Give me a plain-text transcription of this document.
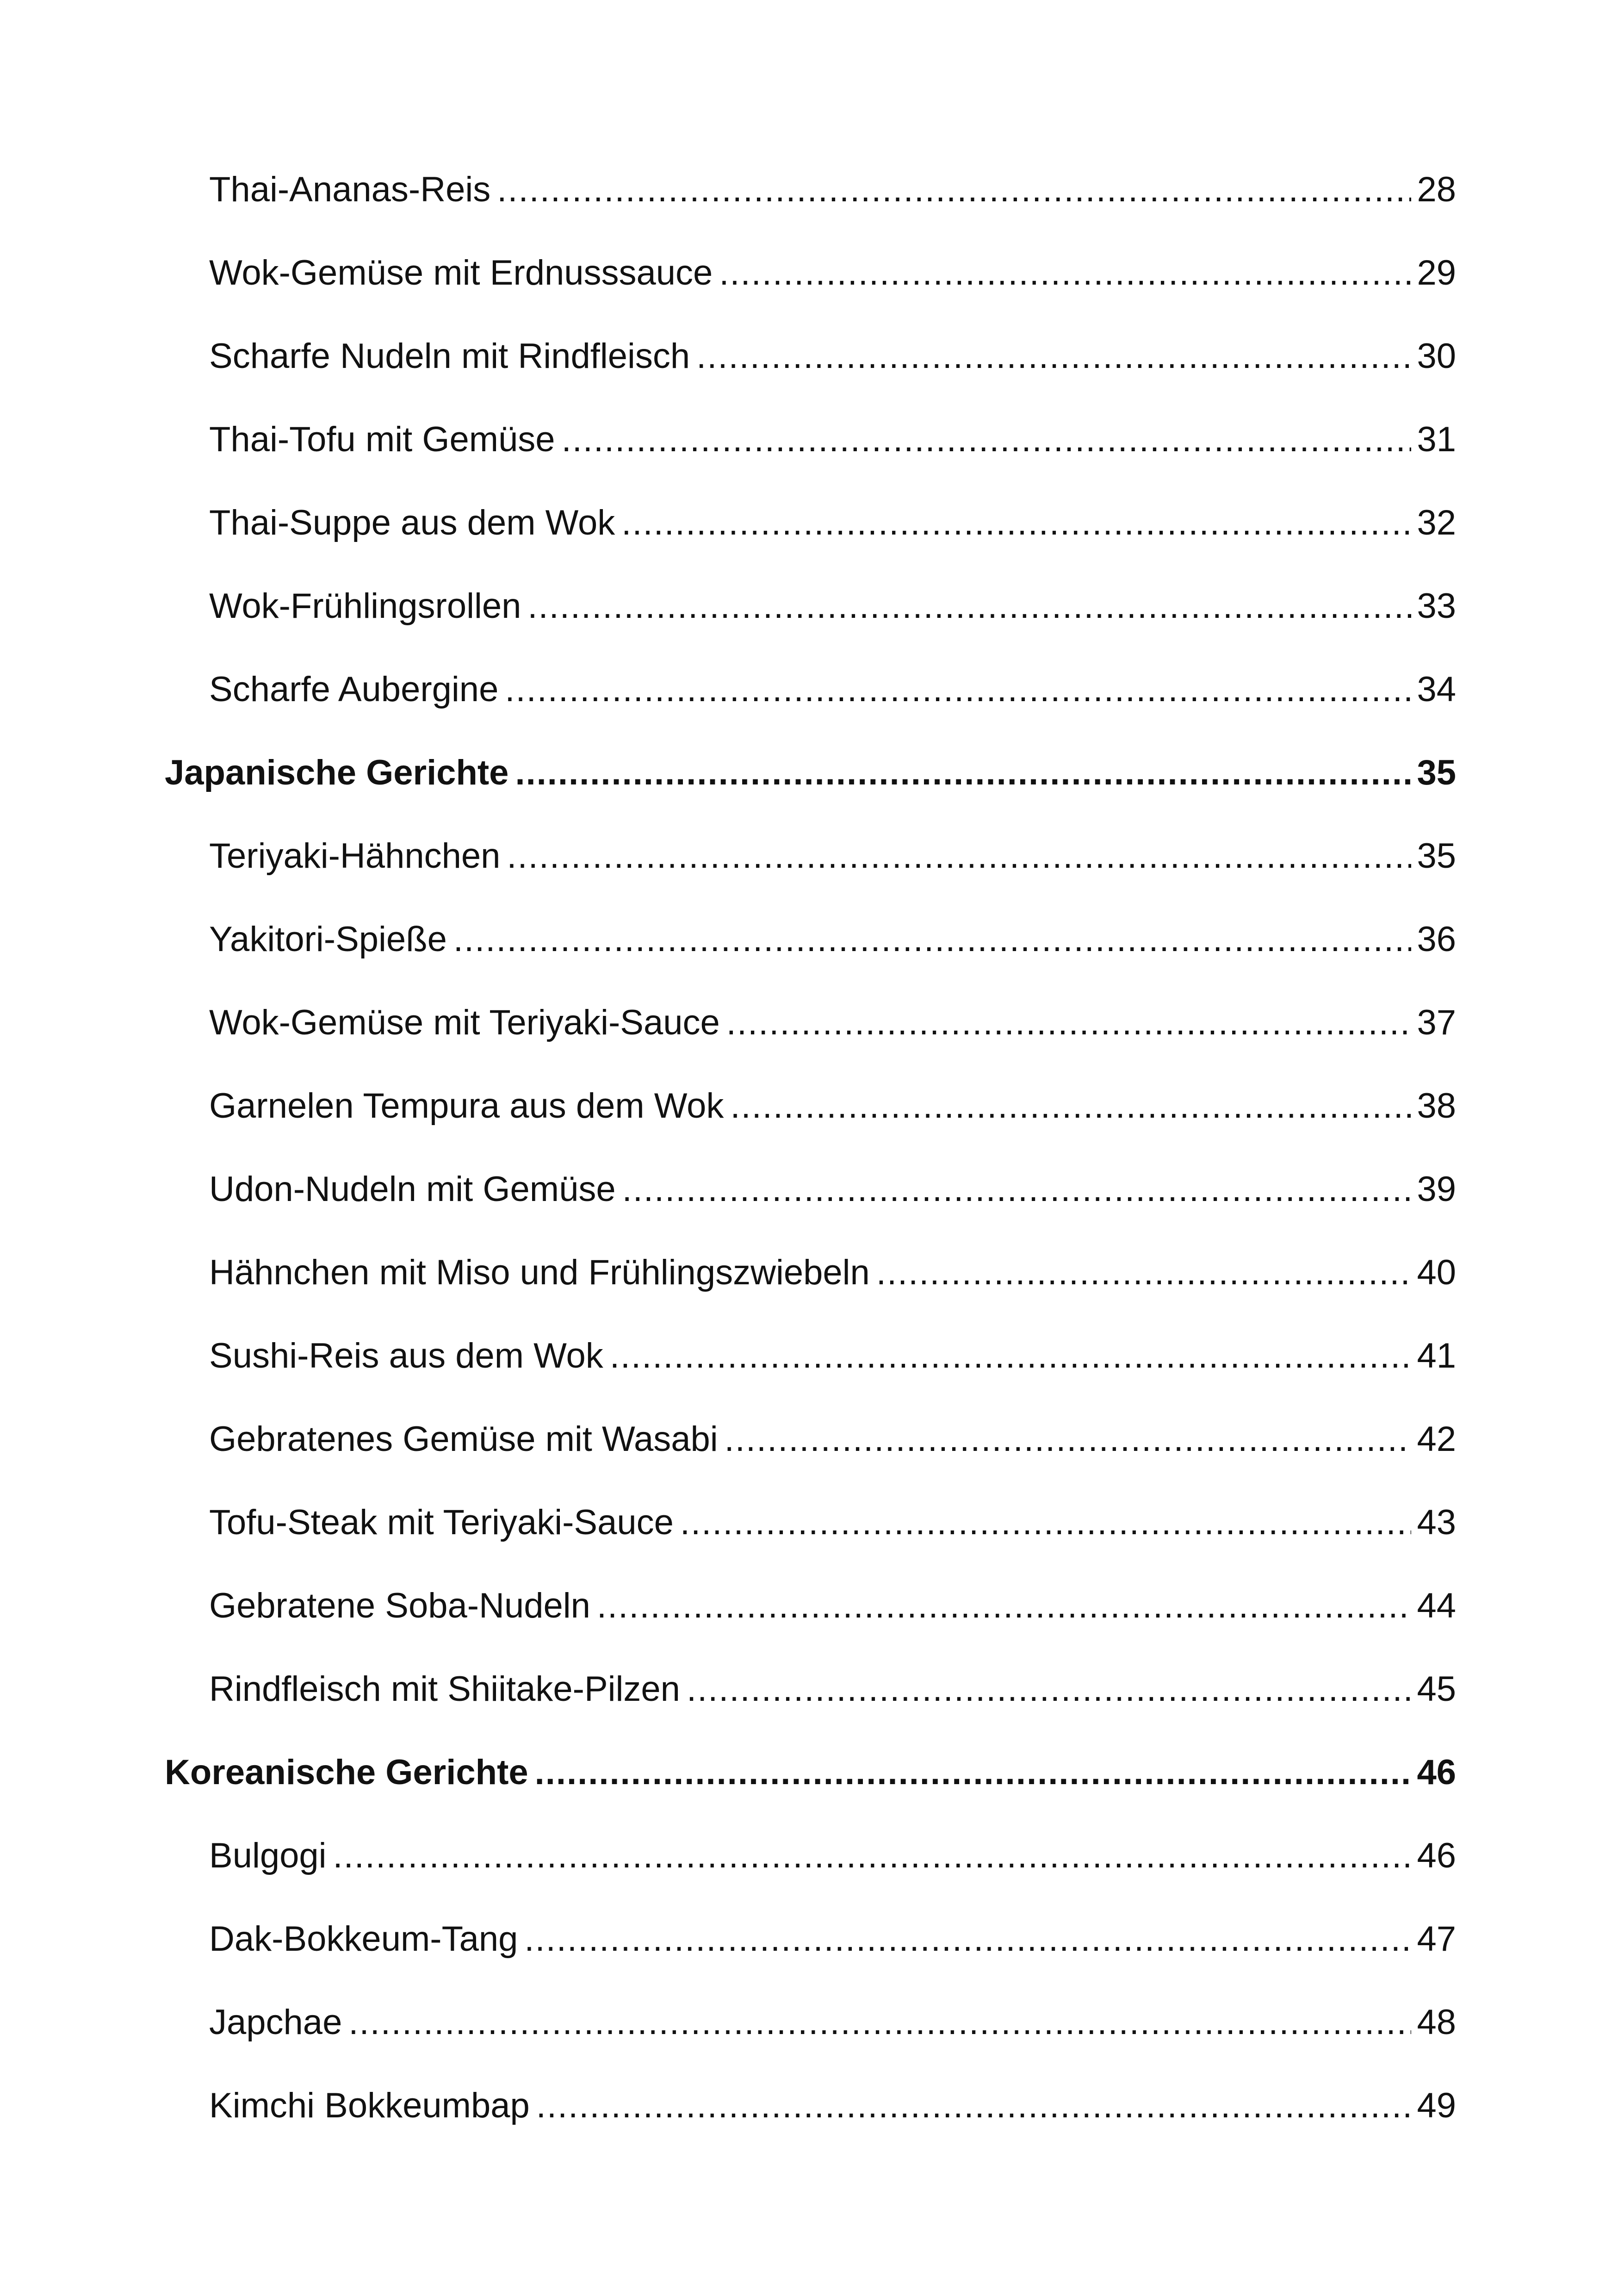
Thai-Ananas-Reis .....	28
Wok-Gemüse mit Erdnusssauce .....	29
Scharfe Nudeln mit Rindfleisch .....	30
Thai-Tofu mit Gemüse .....	31
Thai-Suppe aus dem Wok .....	32
Wok-Frühlingsrollen .....	33
Scharfe Aubergine .....	34
Japanische Gerichte .....	35
Teriyaki-Hähnchen .....	35
Yakitori-Spieße .....	36
Wok-Gemüse mit Teriyaki-Sauce .....	37
Garnelen Tempura aus dem Wok .....	38
Udon-Nudeln mit Gemüse .....	39
Hähnchen mit Miso und Frühlingszwiebeln .....	40
Sushi-Reis aus dem Wok .....	41
Gebratenes Gemüse mit Wasabi .....	42
Tofu-Steak mit Teriyaki-Sauce .....	43
Gebratene Soba-Nudeln .....	44
Rindfleisch mit Shiitake-Pilzen .....	45
Koreanische Gerichte .....	46
Bulgogi .....	46
Dak-Bokkeum-Tang .....	47
Japchae .....	48
Kimchi Bokkeumbap .....	49
